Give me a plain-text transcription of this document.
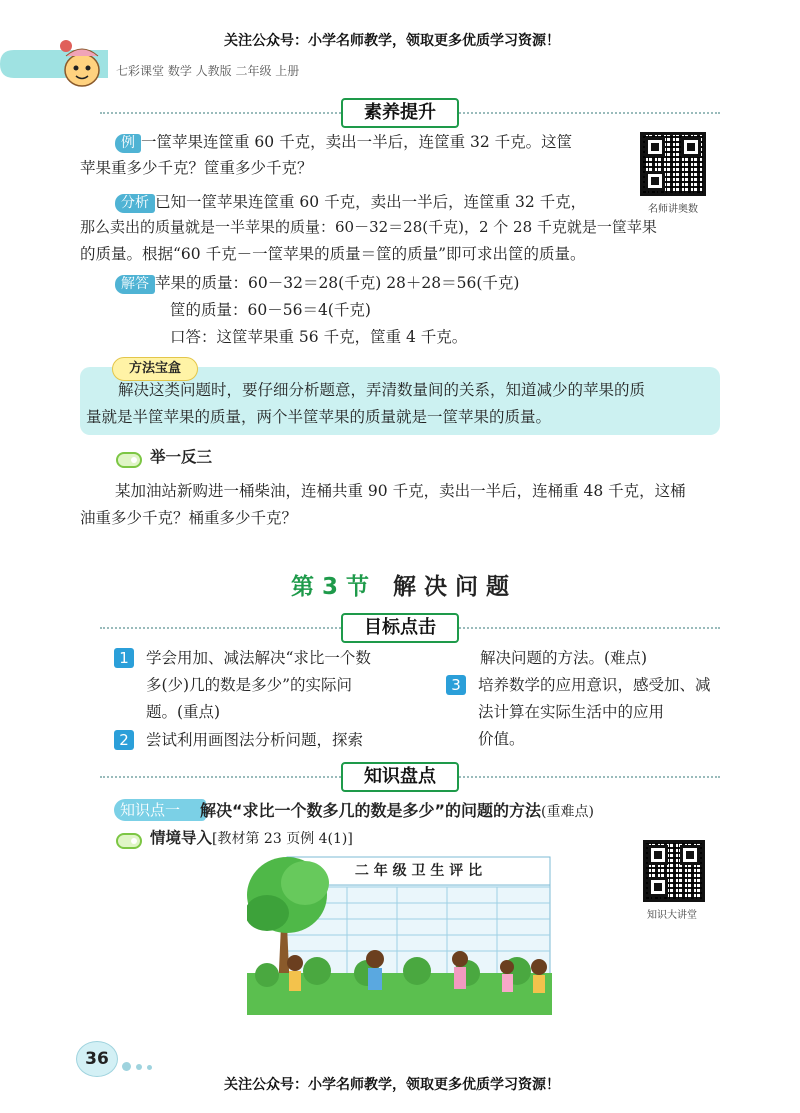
关注公众号：小学名师教学，领取更多优质学习资源！
七彩课堂 数学 人教版 二年级 上册
素养提升
例 一筐苹果连筐重 60 千克，卖出一半后，连筐重 32 千克。这筐
苹果重多少千克？筐重多少千克？
名师讲奥数
分析 已知一筐苹果连筐重 60 千克，卖出一半后，连筐重 32 千克，
那么卖出的质量就是一半苹果的质量：60－32＝28(千克)，2 个 28 千克就是一筐苹果
的质量。根据“60 千克－一筐苹果的质量＝筐的质量”即可求出筐的质量。
解答 苹果的质量：60－32＝28(千克) 28＋28＝56(千克)
筐的质量：60－56＝4(千克)
口答：这筐苹果重 56 千克，筐重 4 千克。
方法宝盒
解决这类问题时，要仔细分析题意，弄清数量间的关系，知道减少的苹果的质
量就是半筐苹果的质量，两个半筐苹果的质量就是一筐苹果的质量。
举一反三
某加油站新购进一桶柴油，连桶共重 90 千克，卖出一半后，连桶重 48 千克，这桶
油重多少千克？桶重多少千克？
第 3 节 解 决 问 题
目标点击
1	学会用加、减法解决“求比一个数
多(少)几的数是多少”的实际问
题。(重点)
2	尝试利用画图法分析问题，探索
解决问题的方法。(难点)
3	培养数学的应用意识，感受加、减
法计算在实际生活中的应用
价值。
知识盘点
知识点一	解决“求比一个数多几的数是多少”的问题的方法(重难点)
情境导入[教材第 23 页例 4(1)]
知识大讲堂
二 年 级 卫 生 评 比
36
关注公众号：小学名师教学，领取更多优质学习资源！
